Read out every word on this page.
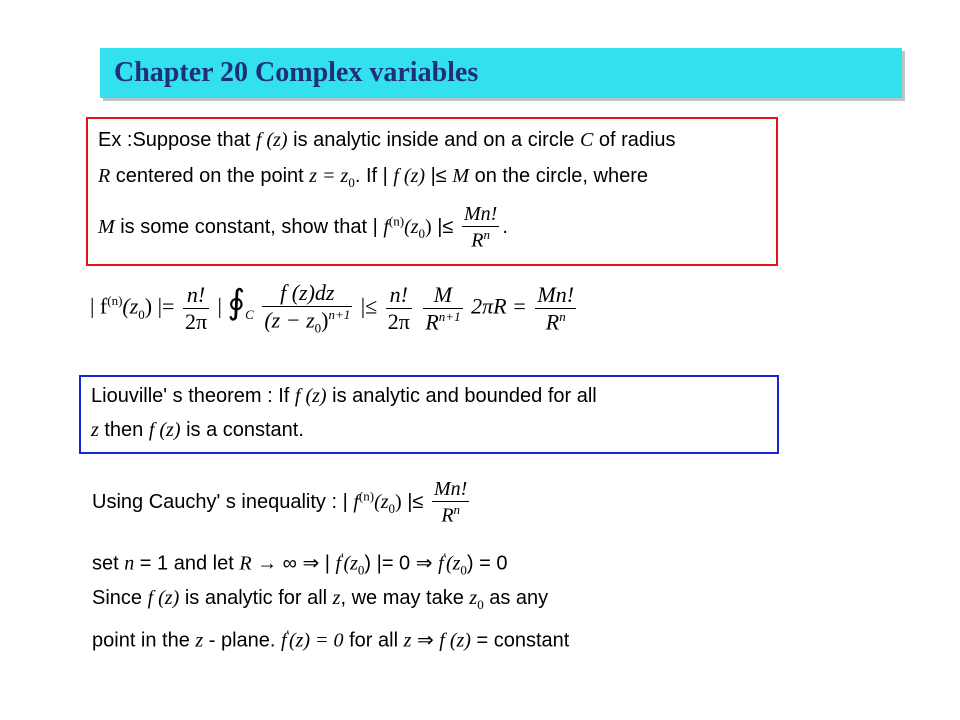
Chapter 20 Complex variables
Ex :Suppose that f (z) is analytic inside and on a circle C of radius
R centered on the point $z = z_0$. If | f (z) |≤ M on the circle, where
M is some constant, show that | $f^{(n)}(z_0)$ |≤ $\frac{Mn!}{R^n}$ .
| $f^{(n)}(z_0)$ |= $\frac{n!}{2\pi}$ | $∮_C \frac{f (z)dz}{(z - z_0)^{n+1}}$ |≤ $\frac{n!}{2\pi}$
$\frac{M}{R^{n+1}} 2\pi R = \frac{Mn!}{R^n}$
Liouville' s theorem : If f (z) is analytic and bounded for all
z then f (z) is a constant.
Using Cauchy' s inequality : | $f^{(n)}(z_0)$ |≤ $\frac{Mn!}{R^n}$
set n = 1 and let R → ∞ ⇒ | $f'(z_0)$ |= 0 ⇒ $f'(z_0) = 0$
Since f (z) is analytic for all z, we may take $z_0$ as any
point in the z - plane. f'(z) = 0 for all z ⇒ f (z) = constant
